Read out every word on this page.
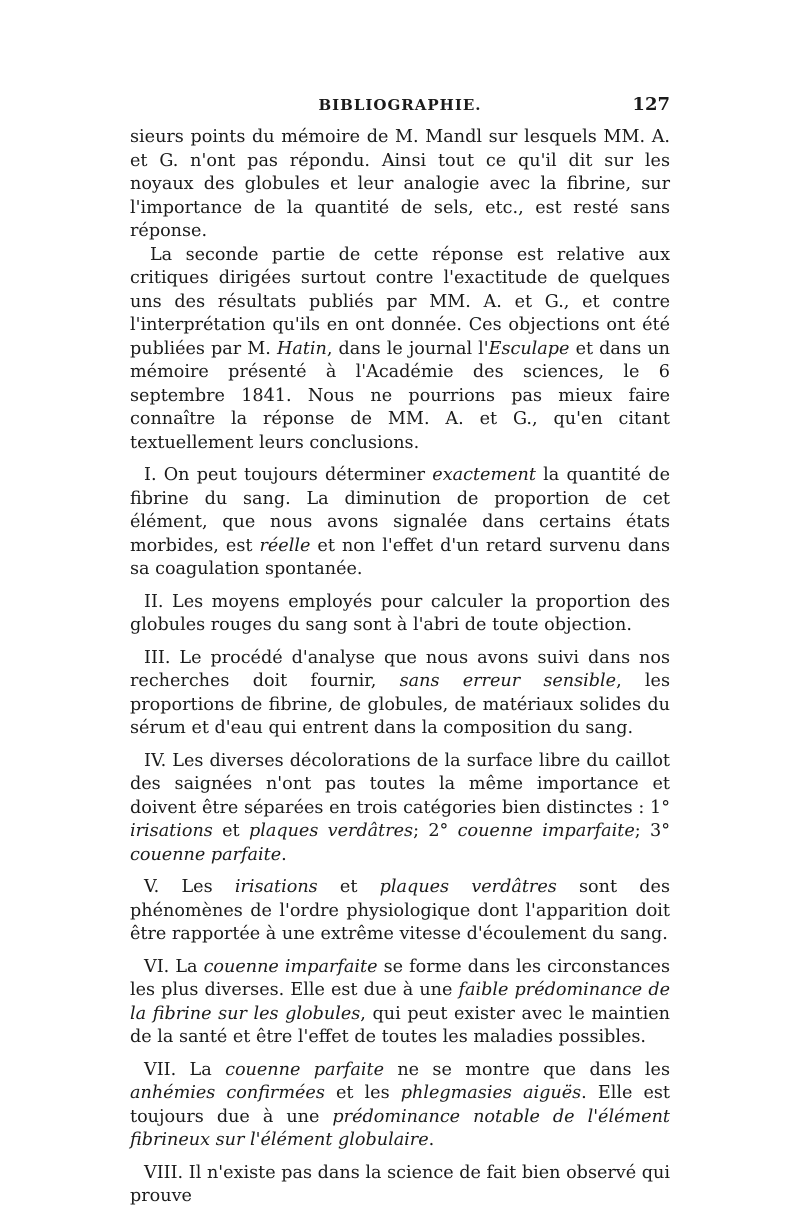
BIBLIOGRAPHIE.	127

sieurs points du mémoire de M. Mandl sur lesquels MM. A. et G. n'ont pas répondu. Ainsi tout ce qu'il dit sur les noyaux des globules et leur analogie avec la fibrine, sur l'importance de la quantité de sels, etc., est resté sans réponse.

La seconde partie de cette réponse est relative aux critiques dirigées surtout contre l'exactitude de quelques uns des résultats publiés par MM. A. et G., et contre l'interprétation qu'ils en ont donnée. Ces objections ont été publiées par M. Hatin, dans le journal l'Esculape et dans un mémoire présenté à l'Académie des sciences, le 6 septembre 1841. Nous ne pourrions pas mieux faire connaître la réponse de MM. A. et G., qu'en citant textuellement leurs conclusions.

I. On peut toujours déterminer exactement la quantité de fibrine du sang. La diminution de proportion de cet élément, que nous avons signalée dans certains états morbides, est réelle et non l'effet d'un retard survenu dans sa coagulation spontanée.

II. Les moyens employés pour calculer la proportion des globules rouges du sang sont à l'abri de toute objection.

III. Le procédé d'analyse que nous avons suivi dans nos recherches doit fournir, sans erreur sensible, les proportions de fibrine, de globules, de matériaux solides du sérum et d'eau qui entrent dans la composition du sang.

IV. Les diverses décolorations de la surface libre du caillot des saignées n'ont pas toutes la même importance et doivent être séparées en trois catégories bien distinctes : 1° irisations et plaques verdâtres; 2° couenne imparfaite; 3° couenne parfaite.

V. Les irisations et plaques verdâtres sont des phénomènes de l'ordre physiologique dont l'apparition doit être rapportée à une extrême vitesse d'écoulement du sang.

VI. La couenne imparfaite se forme dans les circonstances les plus diverses. Elle est due à une faible prédominance de la fibrine sur les globules, qui peut exister avec le maintien de la santé et être l'effet de toutes les maladies possibles.

VII. La couenne parfaite ne se montre que dans les anhémies confirmées et les phlegmasies aiguës. Elle est toujours due à une prédominance notable de l'élément fibrineux sur l'élément globulaire.

VIII. Il n'existe pas dans la science de fait bien observé qui prouve
